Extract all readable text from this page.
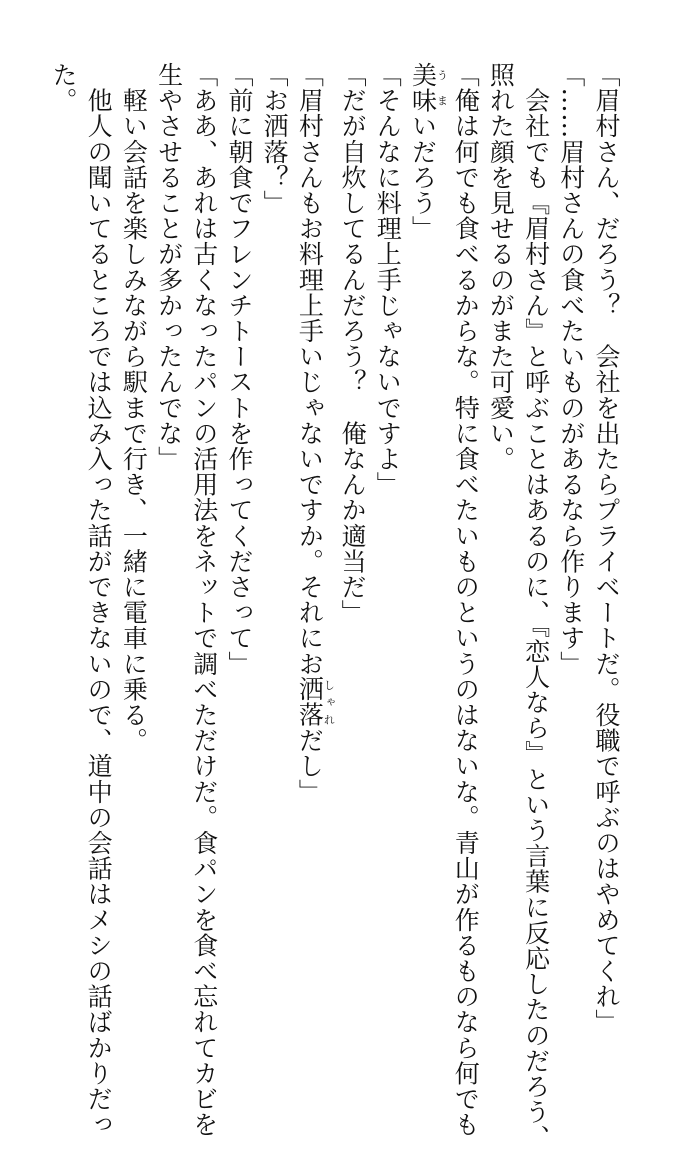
「眉村さん、だろう？　会社を出たらプライベートだ。役職で呼ぶのはやめてくれ」
「……眉村さんの食べたいものがあるなら作ります」
　会社でも『眉村さん』と呼ぶことはあるのに、『恋人なら』という言葉に反応したのだろう、
照れた顔を見せるのがまた可愛い。
「俺は何でも食べるからな。特に食べたいものというのはないな。青山が作るものなら何でも
美味うまいだろう」
「そんなに料理上手じゃないですよ」
「だが自炊してるんだろう？　俺なんか適当だ」
「眉村さんもお料理上手いじゃないですか。それにお洒落しゃれだし」
「お洒落？」
「前に朝食でフレンチトーストを作ってくださって」
「ああ、あれは古くなったパンの活用法をネットで調べただけだ。食パンを食べ忘れてカビを
生やさせることが多かったんでな」
　軽い会話を楽しみながら駅まで行き、一緒に電車に乗る。
　他人の聞いてるところでは込み入った話ができないので、道中の会話はメシの話ばかりだっ
た。
